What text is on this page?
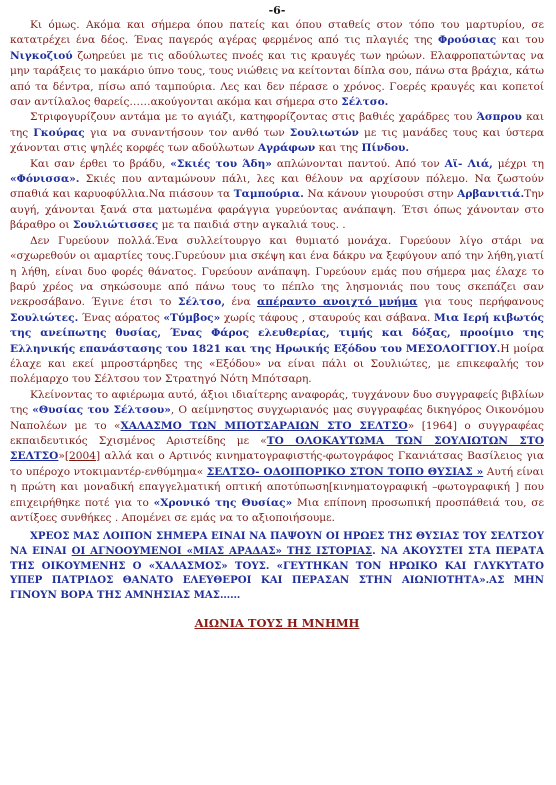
-6-

Κι όμως. Ακόμα και σήμερα όπου πατείς και όπου σταθείς στον τόπο του μαρτυρίου, σε κατατρέχει ένα δέος. Ένας παγερός αγέρας φερμένος από τις πλαγιές της Φρούσιας και του Νιγκοζιού ζωηρεύει με τις αδούλωτες πνοές και τις κραυγές των ηρώων. Ελαφροπατώντας να μην ταράξεις το μακάριο ύπνο τους, τους νιώθεις να κείτονται δίπλα σου, πάνω στα βράχια, κάτω από τα δέντρα, πίσω από ταμπούρια. Λες και δεν πέρασε ο χρόνος. Γοερές κραυγές και κοπετοί σαν αντίλαλος θαρείς……ακούγονται ακόμα και σήμερα στο Σέλτσο.

Στριφογυρίζουν αντάμα με το αγιάζι, κατηφορίζοντας στις βαθιές χαράδρες του Άσπρου και της Γκούρας για να συναντήσουν τον ανθό των Σουλιωτών με τις μανάδες τους και ύστερα χάνονται στις ψηλές κορφές των αδούλωτων Αγράφων και της Πίνδου.

Και σαν έρθει το βράδυ, «Σκιές του Άδη» απλώνονται παντού. Από τον Αϊ- Λιά, μέχρι τη «Φόνισσα». Σκιές που ανταμώνουν πάλι, λες και θέλουν να αρχίσουν πόλεμο. Να ζωστούν σπαθιά και καρυοφύλλια.Να πιάσουν τα Ταμπούρια. Να κάνουν γιουρούσι στην Αρβανιτιά.Την αυγή, χάνονται ξανά στα ματωμένα φαράγγια γυρεύοντας ανάπαψη. Έτσι όπως χάνονταν στο βάραθρο οι Σουλιώτισσες με τα παιδιά στην αγκαλιά τους. .

Δεν Γυρεύουν πολλά.Ένα συλλείτουργο και θυμιατό μονάχα. Γυρεύουν λίγο στάρι να «σχωρεθούν οι αμαρτίες τους.Γυρεύουν μια σκέψη και ένα δάκρυ να ξεφύγουν από την λήθη,γιατί η λήθη, είναι δυο φορές θάνατος. Γυρεύουν ανάπαψη. Γυρεύουν εμάς που σήμερα μας έλαχε το βαρύ χρέος να σηκώσουμε από πάνω τους το πέπλο της λησμονιάς που τους σκεπάζει σαν νεκροσάβανο. Έγινε έτσι το Σέλτσο, ένα απέραντο ανοιχτό μνήμα για τους περήφανους Σουλιώτες. Ένας αόρατος «Τύμβος» χωρίς τάφους , σταυρούς και σάβανα. Μια Ιερή κιβωτός της ανείπωτης θυσίας, Ένας Φάρος ελευθερίας, τιμής και δόξας, προοίμιο της Ελληνικής επανάστασης του 1821 και της Ηρωικής Εξόδου του ΜΕΣΟΛΟΓΓΙΟΥ.Η μοίρα έλαχε και εκεί μπροστάρηδες της «Εξόδου» να είναι πάλι οι Σουλιώτες, με επικεφαλής τον πολέμαρχο του Σέλτσου τον Στρατηγό Νότη Μπότσαρη.

Κλείνοντας το αφιέρωμα αυτό, άξιοι ιδιαίτερης αναφοράς, τυγχάνουν δυο συγγραφείς βιβλίων της «Θυσίας του Σέλτσου», Ο αείμνηστος συγχωριανός μας συγγραφέας δικηγόρος Οικονόμου Ναπολέων με το «ΧΑΛΑΣΜΟ ΤΩΝ ΜΠΟΤΣΑΡΑΙΩΝ ΣΤΟ ΣΕΛΤΣΟ» [1964] ο συγγραφέας εκπαιδευτικός Σχισμένος Αριστείδης με «ΤΟ ΟΛΟΚΑΥΤΩΜΑ ΤΩΝ ΣΟΥΛΙΩΤΩΝ ΣΤΟ ΣΕΛΤΣΟ»[2004] αλλά και ο Αρτινός κινηματογραφιστής-φωτογράφος Γκανιάτσας Βασίλειος για το υπέροχο ντοκιμαντέρ-ενθύμημα« ΣΕΛΤΣΟ- ΟΔΟΙΠΟΡΙΚΟ ΣΤΟΝ ΤΟΠΟ ΘΥΣΙΑΣ » Αυτή είναι η πρώτη και μοναδική επαγγελματική οπτική αποτύπωση[κινηματογραφική –φωτογραφική ] που επιχειρήθηκε ποτέ για το «Χρονικό της Θυσίας» Μια επίπονη προσωπική προσπάθειά του, σε αντίξοες συνθήκες . Απομένει σε εμάς να το αξιοποιήσουμε.

ΧΡΕΟΣ ΜΑΣ ΛΟΙΠΟΝ ΣΗΜΕΡΑ ΕΙΝΑΙ ΝΑ ΠΑΨΟΥΝ ΟΙ ΗΡΩΕΣ ΤΗΣ ΘΥΣΙΑΣ ΤΟΥ ΣΕΛΤΣΟΥ ΝΑ ΕΙΝΑΙ ΟΙ ΑΓΝΟΟΥΜΕΝΟΙ «ΜΙΑΣ ΑΡΑΔΑΣ» ΤΗΣ ΙΣΤΟΡΙΑΣ. ΝΑ ΑΚΟΥΣΤΕΙ ΣΤΑ ΠΕΡΑΤΑ ΤΗΣ ΟΙΚΟΥΜΕΝΗΣ Ο «ΧΑΛΑΣΜΟΣ» ΤΟΥΣ. «ΓΕΥΤΗΚΑΝ ΤΟΝ ΗΡΩΙΚΟ ΚΑΙ ΓΛΥΚΥΤΑΤΟ ΥΠΕΡ ΠΑΤΡΙΔΟΣ ΘΑΝΑΤΟ ΕΛΕΥΘΕΡΟΙ ΚΑΙ ΠΕΡΑΣΑΝ ΣΤΗΝ ΑΙΩΝΙΟΤΗΤΑ».ΑΣ ΜΗΝ ΓΙΝΟΥΝ ΒΟΡΑ ΤΗΣ ΑΜΝΗΣΙΑΣ ΜΑΣ……

ΑΙΩΝΙΑ ΤΟΥΣ Η ΜΝΗΜΗ
